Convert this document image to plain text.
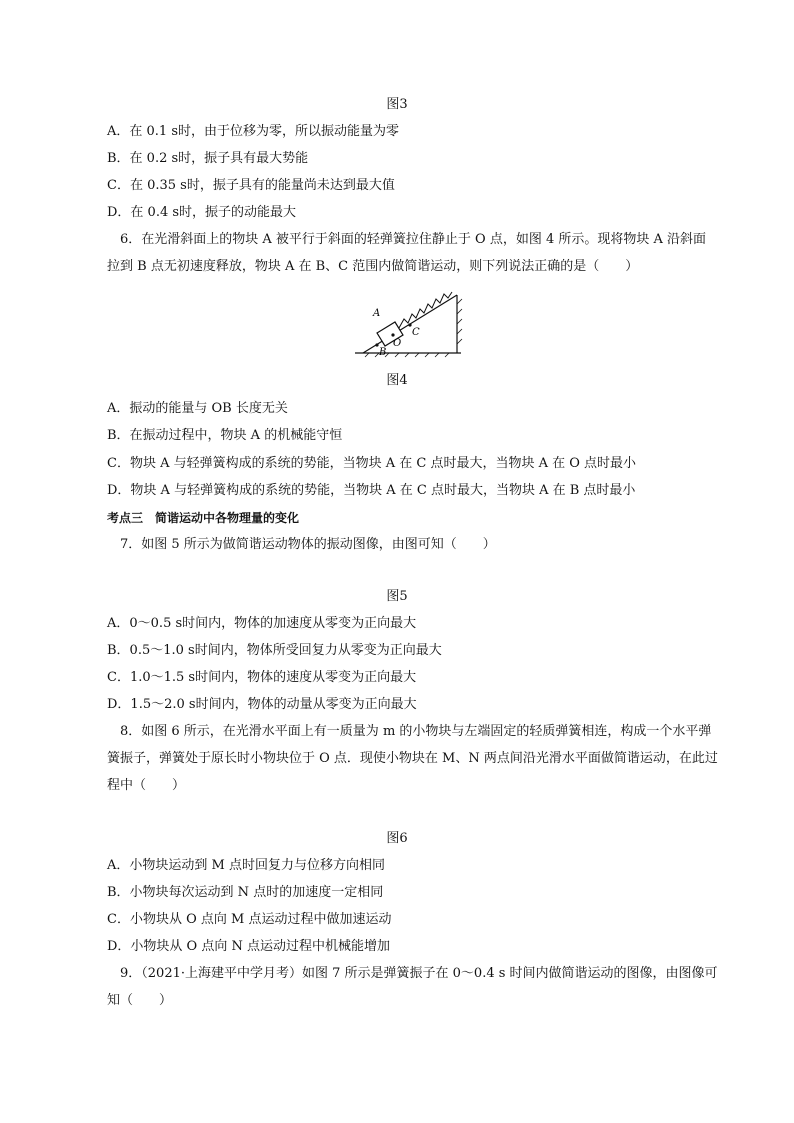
图3
A．在 0.1 s时，由于位移为零，所以振动能量为零
B．在 0.2 s时，振子具有最大势能
C．在 0.35 s时，振子具有的能量尚未达到最大值
D．在 0.4 s时，振子的动能最大
6．在光滑斜面上的物块 A 被平行于斜面的轻弹簧拉住静止于 O 点，如图 4 所示。现将物块 A 沿斜面
拉到 B 点无初速度释放，物块 A 在 B、C 范围内做简谐运动，则下列说法正确的是（　　）
A
O
C
B
图4
A．振动的能量与 OB 长度无关
B．在振动过程中，物块 A 的机械能守恒
C．物块 A 与轻弹簧构成的系统的势能，当物块 A 在 C 点时最大，当物块 A 在 O 点时最小
D．物块 A 与轻弹簧构成的系统的势能，当物块 A 在 C 点时最大，当物块 A 在 B 点时最小
考点三　简谐运动中各物理量的变化
7．如图 5 所示为做简谐运动物体的振动图像，由图可知（　　）
图5
A．0～0.5 s时间内，物体的加速度从零变为正向最大
B．0.5～1.0 s时间内，物体所受回复力从零变为正向最大
C．1.0～1.5 s时间内，物体的速度从零变为正向最大
D．1.5～2.0 s时间内，物体的动量从零变为正向最大
8．如图 6 所示，在光滑水平面上有一质量为 m 的小物块与左端固定的轻质弹簧相连，构成一个水平弹
簧振子，弹簧处于原长时小物块位于 O 点．现使小物块在 M、N 两点间沿光滑水平面做简谐运动，在此过
程中（　　）
图6
A．小物块运动到 M 点时回复力与位移方向相同
B．小物块每次运动到 N 点时的加速度一定相同
C．小物块从 O 点向 M 点运动过程中做加速运动
D．小物块从 O 点向 N 点运动过程中机械能增加
9．（2021·上海建平中学月考）如图 7 所示是弹簧振子在 0～0.4 s 时间内做简谐运动的图像，由图像可
知（　　）
